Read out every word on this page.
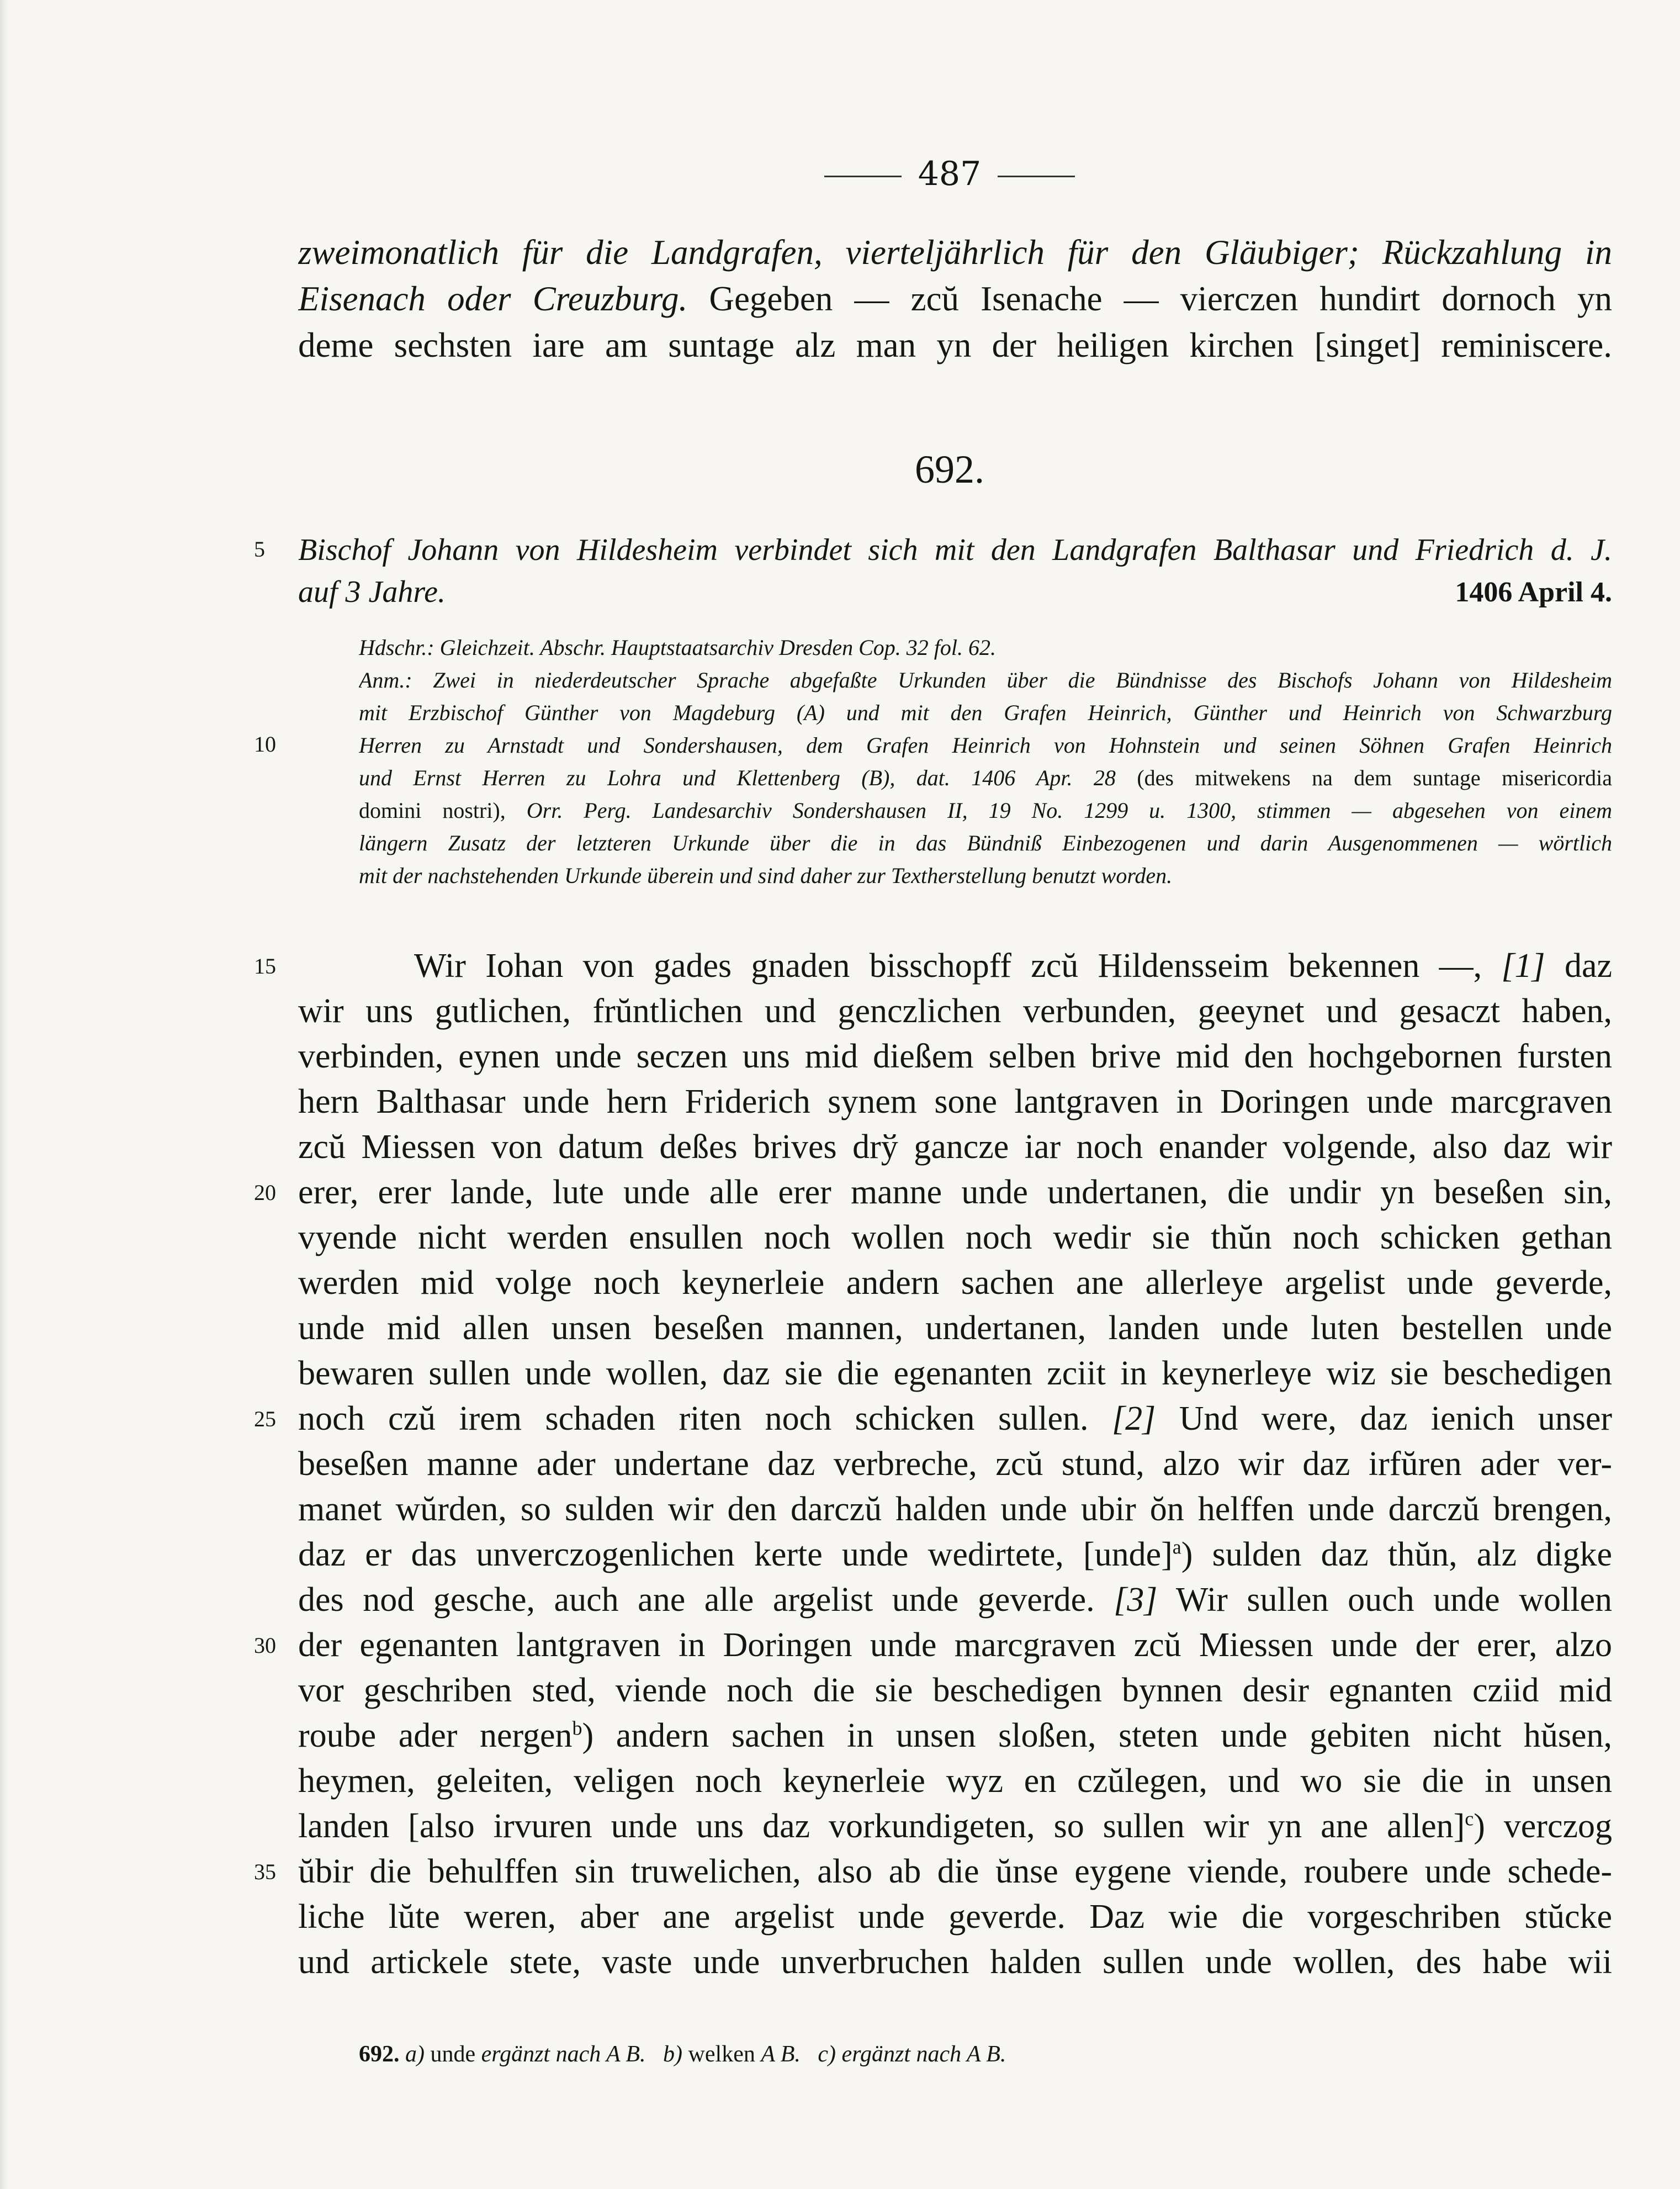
487
zweimonatlich für die Landgrafen, vierteljährlich für den Gläubiger; Rückzahlung in
Eisenach oder Creuzburg. Gegeben — zcŭ Isenache — vierczen hundirt dornoch yn
deme sechsten iare am suntage alz man yn der heiligen kirchen [singet] reminiscere.
692.
5	Bischof Johann von Hildesheim verbindet sich mit den Landgrafen Balthasar und Friedrich d. J.
auf 3 Jahre.	1406 April 4.
10
Hdschr.: Gleichzeit. Abschr. Hauptstaatsarchiv Dresden Cop. 32 fol. 62.
Anm.: Zwei in niederdeutscher Sprache abgefaßte Urkunden über die Bündnisse des Bischofs Johann von Hildesheim
mit Erzbischof Günther von Magdeburg (A) und mit den Grafen Heinrich, Günther und Heinrich von Schwarzburg
Herren zu Arnstadt und Sondershausen, dem Grafen Heinrich von Hohnstein und seinen Söhnen Grafen Heinrich
und Ernst Herren zu Lohra und Klettenberg (B), dat. 1406 Apr. 28 (des mitwekens na dem suntage misericordia
domini nostri), Orr. Perg. Landesarchiv Sondershausen II, 19 No. 1299 u. 1300, stimmen — abgesehen von einem
längern Zusatz der letzteren Urkunde über die in das Bündniß Einbezogenen und darin Ausgenommenen — wörtlich
mit der nachstehenden Urkunde überein und sind daher zur Textherstellung benutzt worden.
15
20
25
Wir Iohan von gades gnaden bisschopff zcŭ Hildensseim bekennen —, [1] daz
wir uns gutlichen, frŭntlichen und genczlichen verbunden, geeynet und gesaczt haben,
verbinden, eynen unde seczen uns mid dießem selben brive mid den hochgebornen fursten
hern Balthasar unde hern Friderich synem sone lantgraven in Doringen unde marcgraven
zcŭ Miessen von datum deßes brives drў gancze iar noch enander volgende, also daz wir
erer, erer lande, lute unde alle erer manne unde undertanen, die undir yn beseßen sin,
vyende nicht werden ensullen noch wollen noch wedir sie thŭn noch schicken gethan
werden mid volge noch keynerleie andern sachen ane allerleye argelist unde geverde,
unde mid allen unsen beseßen mannen, undertanen, landen unde luten bestellen unde
bewaren sullen unde wollen, daz sie die egenanten zciit in keynerleye wiz sie beschedigen
noch czŭ irem schaden riten noch schicken sullen. [2] Und were, daz ienich unser
beseßen manne ader undertane daz verbreche, zcŭ stund, alzo wir daz irfŭren ader ver-
manet wŭrden, so sulden wir den darczŭ halden unde ubir ŏn helffen unde darczŭ brengen,
daz er das unverczogenlichen kerte unde wedirtete, [unde]$^a$) sulden daz thŭn, alz digke
des nod gesche, auch ane alle argelist unde geverde. [3] Wir sullen ouch unde wollen
der egenanten lantgraven in Doringen unde marcgraven zcŭ Miessen unde der erer, alzo
vor geschriben sted, viende noch die sie beschedigen bynnen desir egnanten cziid mid
roube ader nergen$^b$) andern sachen in unsen sloßen, steten unde gebiten nicht hŭsen,
heymen, geleiten, veligen noch keynerleie wyz en czŭlegen, und wo sie die in unsen
landen [also irvuren unde uns daz vorkundigeten, so sullen wir yn ane allen]$^c$) verczog
ŭbir die behulffen sin truwelichen, also ab die ŭnse eygene viende, roubere unde schede-
liche lŭte weren, aber ane argelist unde geverde. Daz wie die vorgeschriben stŭcke
und artickele stete, vaste unde unverbruchen halden sullen unde wollen, des habe wii
30
35
692. a) unde ergänzt nach A B. b) welken A B. c) ergänzt nach A B.
